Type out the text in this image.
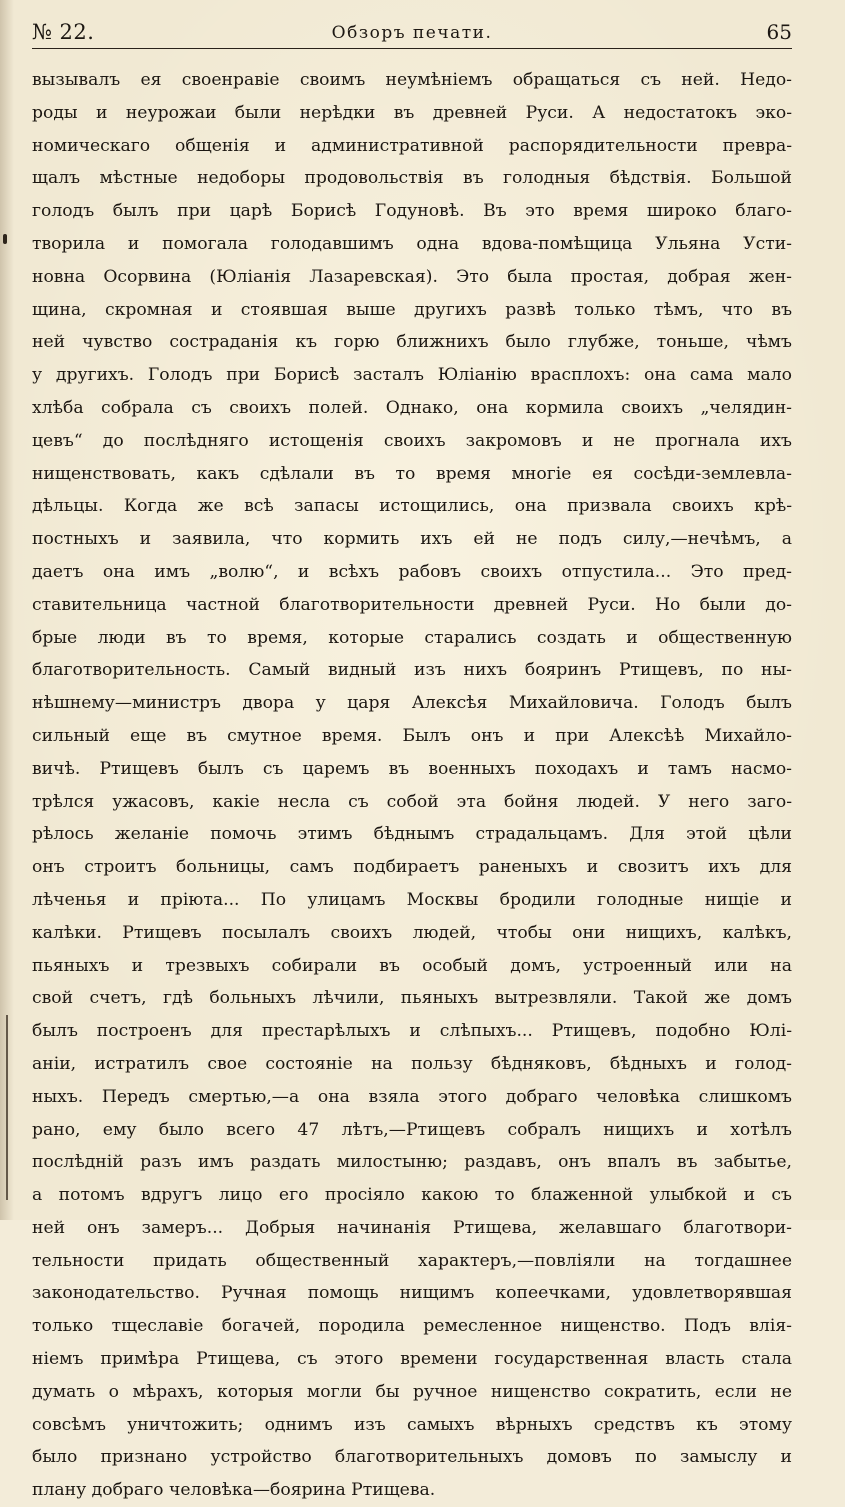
№ 22.	Обзоръ печати.	65
вызывалъ ея своенравіе своимъ неумѣніемъ обращаться съ ней. Недо-
роды и неурожаи были нерѣдки въ древней Руси. А недостатокъ эко-
номическаго общенія и административной распорядительности превра-
щалъ мѣстные недоборы продовольствія въ голодныя бѣдствія. Большой
голодъ былъ при царѣ Борисѣ Годуновѣ. Въ это время широко благо-
творила и помогала голодавшимъ одна вдова-помѣщица Ульяна Усти-
новна Осорвина (Юліанія Лазаревская). Это была простая, добрая жен-
щина, скромная и стоявшая выше другихъ развѣ только тѣмъ, что въ
ней чувство состраданія къ горю ближнихъ было глубже, тоньше, чѣмъ
у другихъ. Голодъ при Борисѣ засталъ Юліанію врасплохъ: она сама мало
хлѣба собрала съ своихъ полей. Однако, она кормила своихъ „челядин-
цевъ“ до послѣдняго истощенія своихъ закромовъ и не прогнала ихъ
нищенствовать, какъ сдѣлали въ то время многіе ея сосѣди-землевла-
дѣльцы. Когда же всѣ запасы истощились, она призвала своихъ крѣ-
постныхъ и заявила, что кормить ихъ ей не подъ силу,—нечѣмъ, а
даетъ она имъ „волю“, и всѣхъ рабовъ своихъ отпустила... Это пред-
ставительница частной благотворительности древней Руси. Но были до-
брые люди въ то время, которые старались создать и общественную
благотворительность. Самый видный изъ нихъ бояринъ Ртищевъ, по ны-
нѣшнему—министръ двора у царя Алексѣя Михайловича. Голодъ былъ
сильный еще въ смутное время. Былъ онъ и при Алексѣѣ Михайло-
вичѣ. Ртищевъ былъ съ царемъ въ военныхъ походахъ и тамъ насмо-
трѣлся ужасовъ, какіе несла съ собой эта бойня людей. У него заго-
рѣлось желаніе помочь этимъ бѣднымъ страдальцамъ. Для этой цѣли
онъ строитъ больницы, самъ подбираетъ раненыхъ и свозитъ ихъ для
лѣченья и пріюта... По улицамъ Москвы бродили голодные нищіе и
калѣки. Ртищевъ посылалъ своихъ людей, чтобы они нищихъ, калѣкъ,
пьяныхъ и трезвыхъ собирали въ особый домъ, устроенный или на
свой счетъ, гдѣ больныхъ лѣчили, пьяныхъ вытрезвляли. Такой же домъ
былъ построенъ для престарѣлыхъ и слѣпыхъ... Ртищевъ, подобно Юлі-
аніи, истратилъ свое состояніе на пользу бѣдняковъ, бѣдныхъ и голод-
ныхъ. Передъ смертью,—а она взяла этого добраго человѣка слишкомъ
рано, ему было всего 47 лѣтъ,—Ртищевъ собралъ нищихъ и хотѣлъ
послѣдній разъ имъ раздать милостыню; раздавъ, онъ впалъ въ забытье,
а потомъ вдругъ лицо его просіяло какою то блаженной улыбкой и съ
ней онъ замеръ... Добрыя начинанія Ртищева, желавшаго благотвори-
тельности придать общественный характеръ,—повліяли на тогдашнее
законодательство. Ручная помощь нищимъ копеечками, удовлетворявшая
только тщеславіе богачей, породила ремесленное нищенство. Подъ влія-
ніемъ примѣра Ртищева, съ этого времени государственная власть стала
думать о мѣрахъ, которыя могли бы ручное нищенство сократить, если не
совсѣмъ уничтожить; однимъ изъ самыхъ вѣрныхъ средствъ къ этому
было признано устройство благотворительныхъ домовъ по замыслу и
плану добраго человѣка—боярина Ртищева.
